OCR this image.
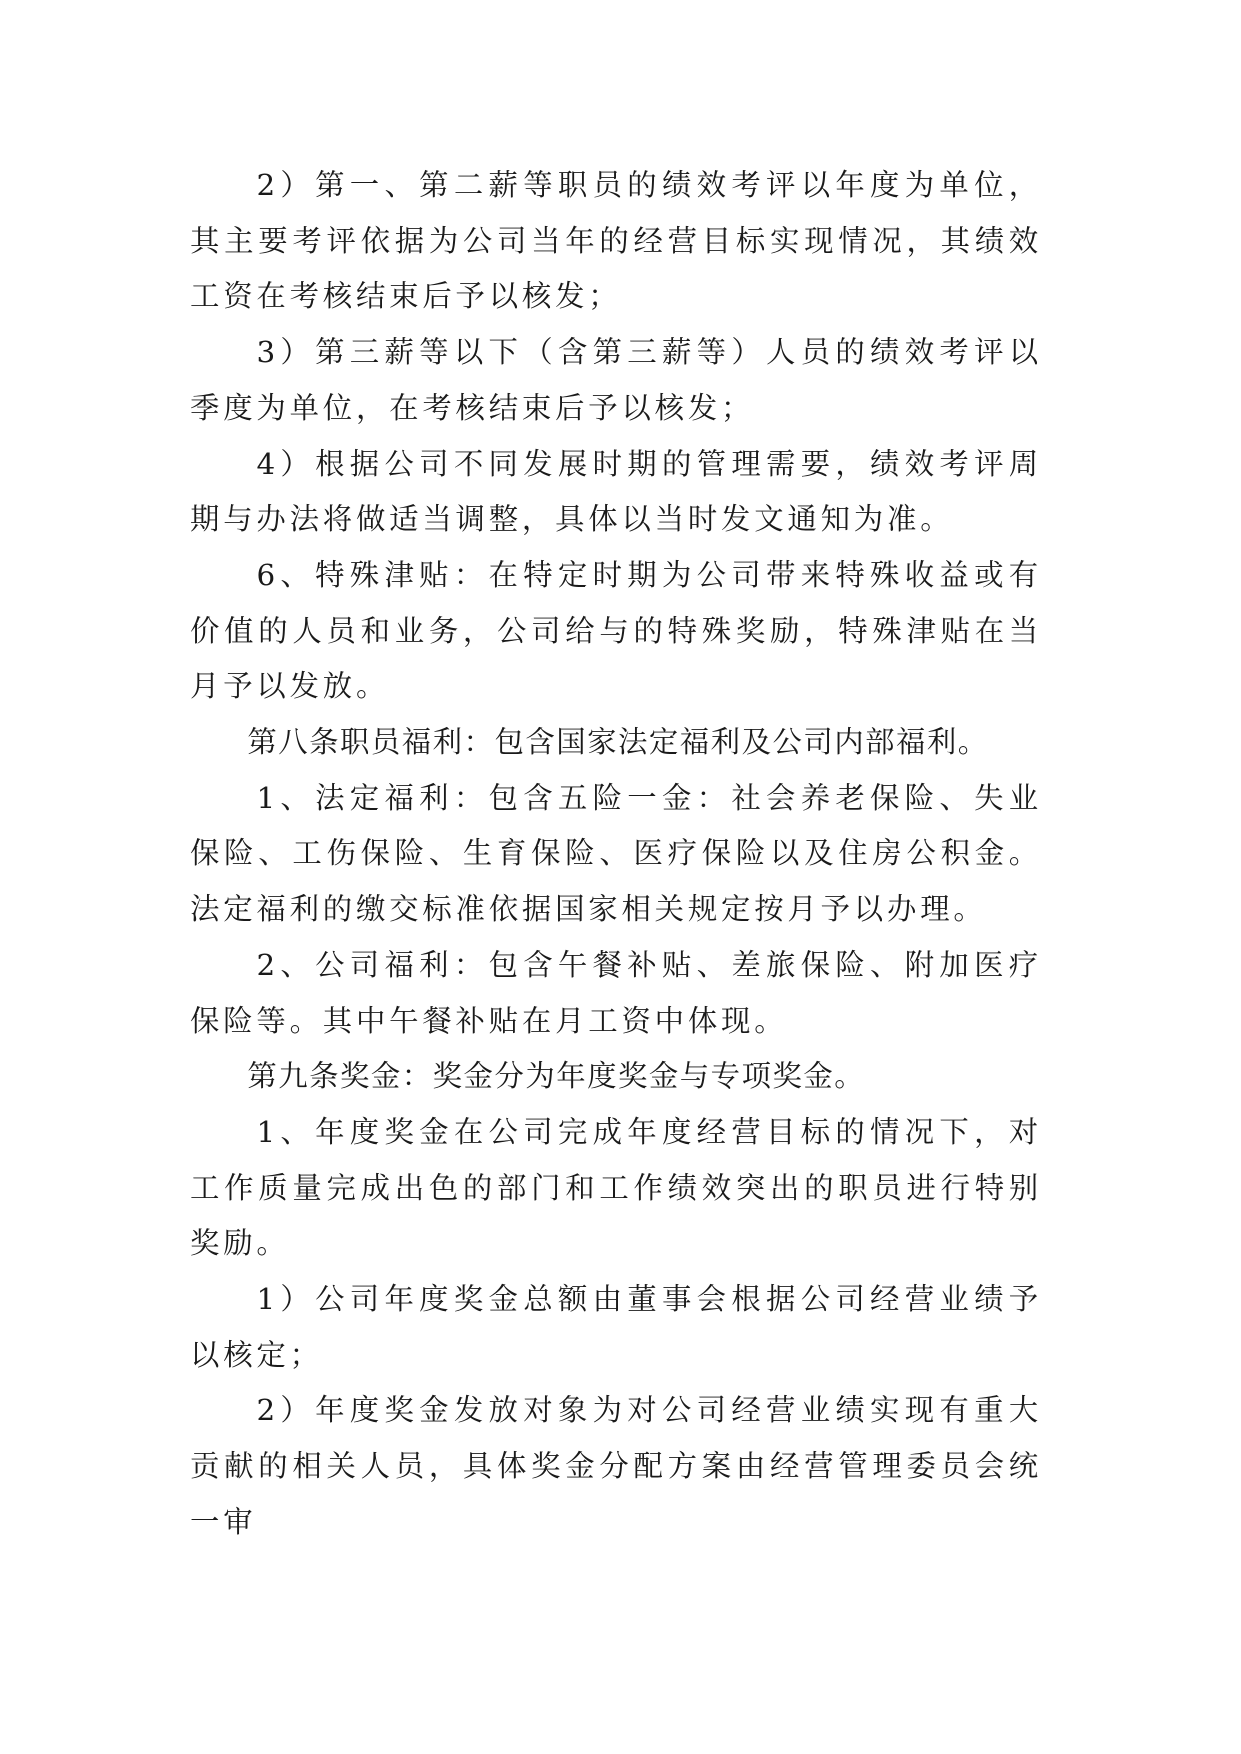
2）第一、第二薪等职员的绩效考评以年度为单位，其主要考评依据为公司当年的经营目标实现情况，其绩效工资在考核结束后予以核发；

3）第三薪等以下（含第三薪等）人员的绩效考评以季度为单位，在考核结束后予以核发；

4）根据公司不同发展时期的管理需要，绩效考评周期与办法将做适当调整，具体以当时发文通知为准。

6、特殊津贴：在特定时期为公司带来特殊收益或有价值的人员和业务，公司给与的特殊奖励，特殊津贴在当月予以发放。

第八条职员福利：包含国家法定福利及公司内部福利。

1、法定福利：包含五险一金：社会养老保险、失业保险、工伤保险、生育保险、医疗保险以及住房公积金。法定福利的缴交标准依据国家相关规定按月予以办理。

2、公司福利：包含午餐补贴、差旅保险、附加医疗保险等。其中午餐补贴在月工资中体现。

第九条奖金：奖金分为年度奖金与专项奖金。

1、年度奖金在公司完成年度经营目标的情况下，对工作质量完成出色的部门和工作绩效突出的职员进行特别奖励。

1）公司年度奖金总额由董事会根据公司经营业绩予以核定；

2）年度奖金发放对象为对公司经营业绩实现有重大贡献的相关人员，具体奖金分配方案由经营管理委员会统一审
